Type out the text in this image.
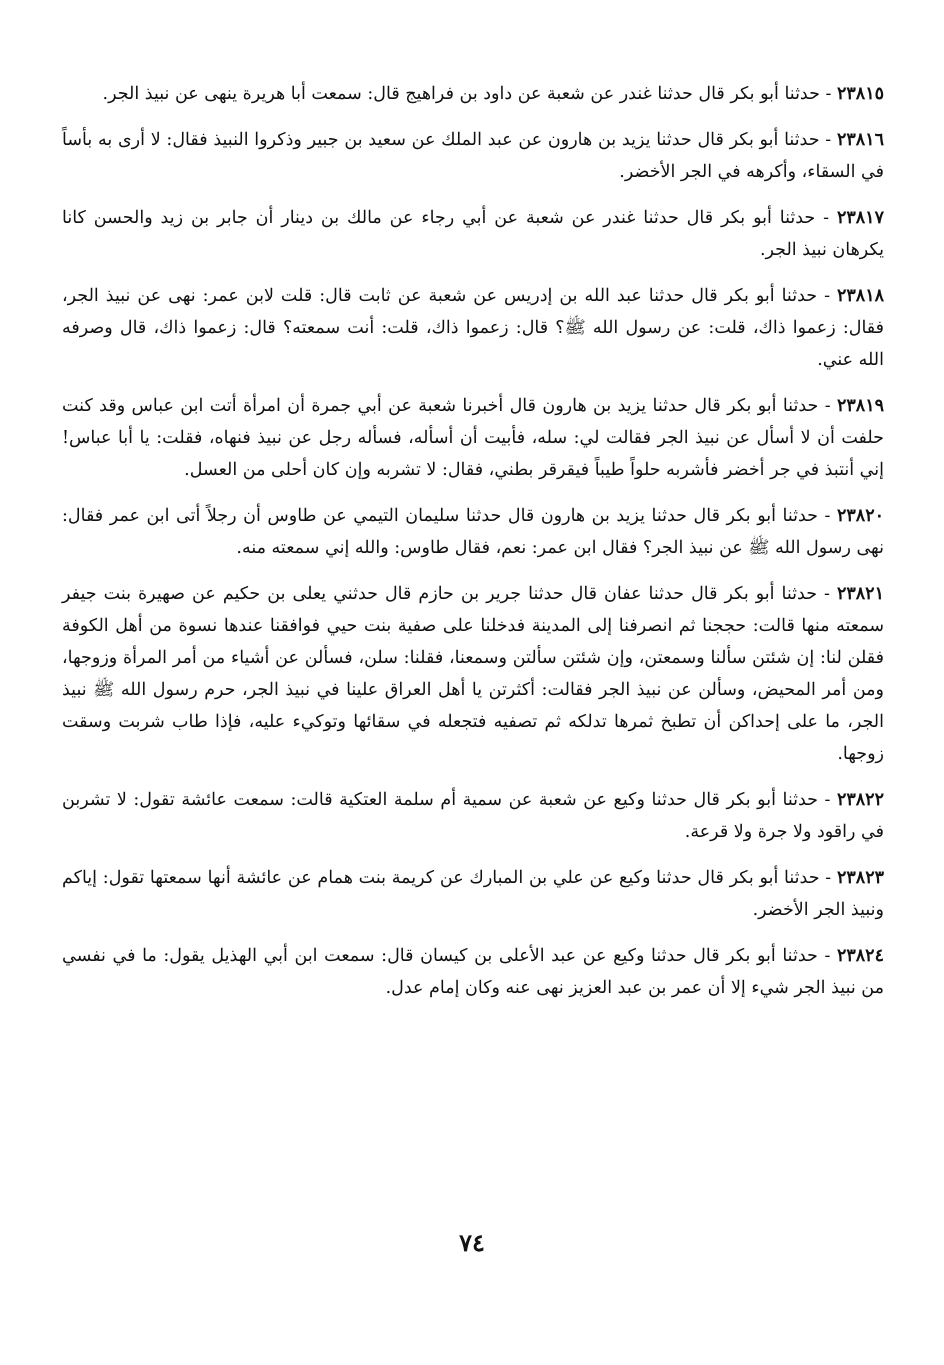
٢٣٨١٥ - حدثنا أبو بكر قال حدثنا غندر عن شعبة عن داود بن فراهيج قال: سمعت أبا هريرة ينهى عن نبيذ الجر.

٢٣٨١٦ - حدثنا أبو بكر قال حدثنا يزيد بن هارون عن عبد الملك عن سعيد بن جبير وذكروا النبيذ فقال: لا أرى به بأساً في السقاء، وأكرهه في الجر الأخضر.

٢٣٨١٧ - حدثنا أبو بكر قال حدثنا غندر عن شعبة عن أبي رجاء عن مالك بن دينار أن جابر بن زيد والحسن كانا يكرهان نبيذ الجر.

٢٣٨١٨ - حدثنا أبو بكر قال حدثنا عبد الله بن إدريس عن شعبة عن ثابت قال: قلت لابن عمر: نهى عن نبيذ الجر، فقال: زعموا ذاك، قلت: عن رسول الله ﷺ؟ قال: زعموا ذاك، قلت: أنت سمعته؟ قال: زعموا ذاك، قال وصرفه الله عني.

٢٣٨١٩ - حدثنا أبو بكر قال حدثنا يزيد بن هارون قال أخبرنا شعبة عن أبي جمرة أن امرأة أتت ابن عباس وقد كنت حلفت أن لا أسأل عن نبيذ الجر فقالت لي: سله، فأبيت أن أسأله، فسأله رجل عن نبيذ فنهاه، فقلت: يا أبا عباس! إني أنتبذ في جر أخضر فأشربه حلواً طيباً فيقرقر بطني، فقال: لا تشربه وإن كان أحلى من العسل.

٢٣٨٢٠ - حدثنا أبو بكر قال حدثنا يزيد بن هارون قال حدثنا سليمان التيمي عن طاوس أن رجلاً أتى ابن عمر فقال: نهى رسول الله ﷺ عن نبيذ الجر؟ فقال ابن عمر: نعم، فقال طاوس: والله إني سمعته منه.

٢٣٨٢١ - حدثنا أبو بكر قال حدثنا عفان قال حدثنا جرير بن حازم قال حدثني يعلى بن حكيم عن صهيرة بنت جيفر سمعته منها قالت: حججنا ثم انصرفنا إلى المدينة فدخلنا على صفية بنت حيي فوافقنا عندها نسوة من أهل الكوفة فقلن لنا: إن شئتن سألنا وسمعتن، وإن شئتن سألتن وسمعنا، فقلنا: سلن، فسألن عن أشياء من أمر المرأة وزوجها، ومن أمر المحيض، وسألن عن نبيذ الجر فقالت: أكثرتن يا أهل العراق علينا في نبيذ الجر، حرم رسول الله ﷺ نبيذ الجر، ما على إحداكن أن تطبخ ثمرها تدلكه ثم تصفيه فتجعله في سقائها وتوكيء عليه، فإذا طاب شربت وسقت زوجها.

٢٣٨٢٢ - حدثنا أبو بكر قال حدثنا وكيع عن شعبة عن سمية أم سلمة العتكية قالت: سمعت عائشة تقول: لا تشربن في راقود ولا جرة ولا قرعة.

٢٣٨٢٣ - حدثنا أبو بكر قال حدثنا وكيع عن علي بن المبارك عن كريمة بنت همام عن عائشة أنها سمعتها تقول: إياكم ونبيذ الجر الأخضر.

٢٣٨٢٤ - حدثنا أبو بكر قال حدثنا وكيع عن عبد الأعلى بن كيسان قال: سمعت ابن أبي الهذيل يقول: ما في نفسي من نبيذ الجر شيء إلا أن عمر بن عبد العزيز نهى عنه وكان إمام عدل.

٧٤
